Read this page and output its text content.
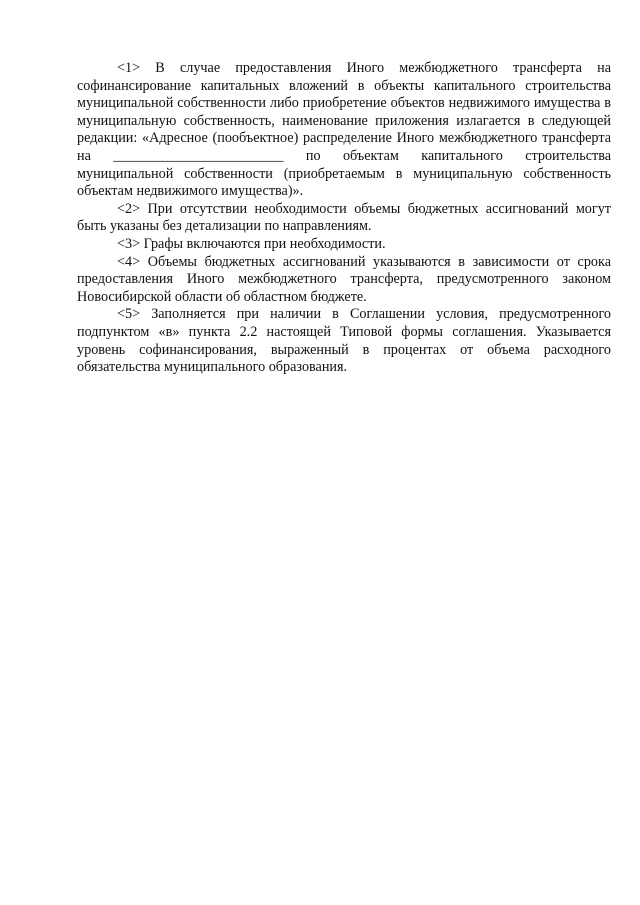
<1> В случае предоставления Иного межбюджетного трансферта на софинансирование капитальных вложений в объекты капитального строительства муниципальной собственности либо приобретение объектов недвижимого имущества в муниципальную собственность, наименование приложения излагается в следующей редакции: «Адресное (пообъектное) распределение Иного межбюджетного трансферта на ________________________ по объектам капитального строительства муниципальной собственности (приобретаемым в муниципальную собственность объектам недвижимого имущества)».

<2> При отсутствии необходимости объемы бюджетных ассигнований могут быть указаны без детализации по направлениям.

<3> Графы включаются при необходимости.

<4> Объемы бюджетных ассигнований указываются в зависимости от срока предоставления Иного межбюджетного трансферта, предусмотренного законом Новосибирской области об областном бюджете.

<5> Заполняется при наличии в Соглашении условия, предусмотренного подпунктом «в» пункта 2.2 настоящей Типовой формы соглашения. Указывается уровень софинансирования, выраженный в процентах от объема расходного обязательства муниципального образования.
